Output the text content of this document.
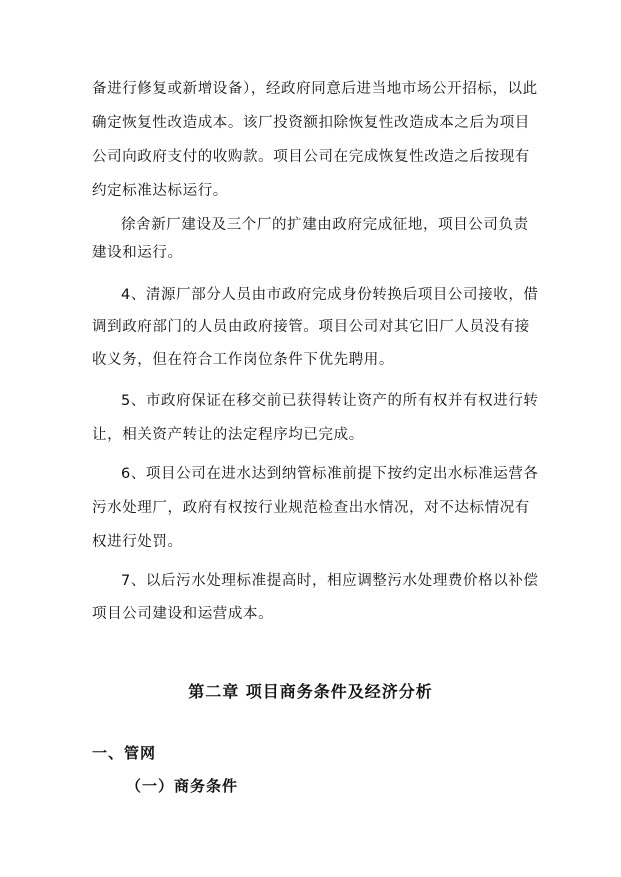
备进行修复或新增设备），经政府同意后进当地市场公开招标，以此
确定恢复性改造成本。该厂投资额扣除恢复性改造成本之后为项目
公司向政府支付的收购款。项目公司在完成恢复性改造之后按现有
约定标准达标运行。
徐舍新厂建设及三个厂的扩建由政府完成征地，项目公司负责
建设和运行。
4、清源厂部分人员由市政府完成身份转换后项目公司接收，借
调到政府部门的人员由政府接管。项目公司对其它旧厂人员没有接
收义务，但在符合工作岗位条件下优先聘用。
5、市政府保证在移交前已获得转让资产的所有权并有权进行转
让，相关资产转让的法定程序均已完成。
6、项目公司在进水达到纳管标准前提下按约定出水标准运营各
污水处理厂，政府有权按行业规范检查出水情况，对不达标情况有
权进行处罚。
7、以后污水处理标准提高时，相应调整污水处理费价格以补偿
项目公司建设和运营成本。
第二章 项目商务条件及经济分析
一、管网
（一）商务条件
